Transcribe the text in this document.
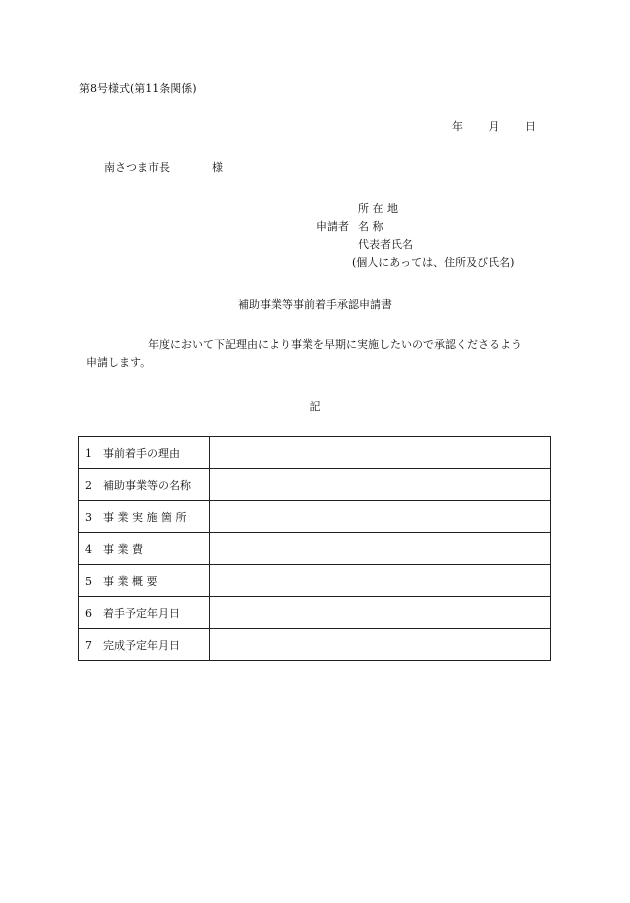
第8号様式(第11条関係)
年 月 日
南さつま市長	様
所 在 地
申請者 名 称
代表者氏名
(個人にあっては、住所及び氏名)
補助事業等事前着手承認申請書
年度において下記理由により事業を早期に実施したいので承認くださるよう
申請します。
記
1 事前着手の理由	
2 補助事業等の名称	
3 事 業 実 施 箇 所	
4 事 業 費	
5 事 業 概 要	
6 着手予定年月日	
7 完成予定年月日	
